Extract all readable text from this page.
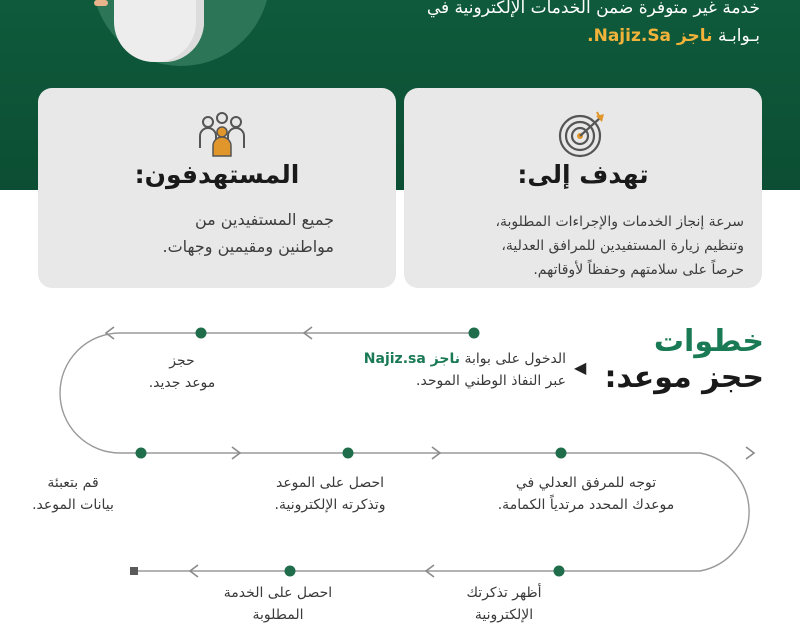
خدمة غير متوفرة ضمن الخدمات الإلكترونية في
بـوابـة ناجز Najiz.Sa.
تهدف إلى:
سرعة إنجاز الخدمات والإجراءات المطلوبة،
وتنظيم زيارة المستفيدين للمرافق العدلية،
حرصاً على سلامتهم وحفظاً لأوقاتهم.
المستهدفون:
جميع المستفيدين من
مواطنين ومقيمين وجهات.
خطوات
حجز موعد:
◀
الدخول على بوابة ناجز Najiz.sa
عبر النفاذ الوطني الموحد.
حجز
موعد جديد.
توجه للمرفق العدلي في
موعدك المحدد مرتدياً الكمامة.
احصل على الموعد
وتذكرته الإلكترونية.
قم بتعبئة
بيانات الموعد.
أظهر تذكرتك الإلكترونية
احصل على الخدمة المطلوبة
